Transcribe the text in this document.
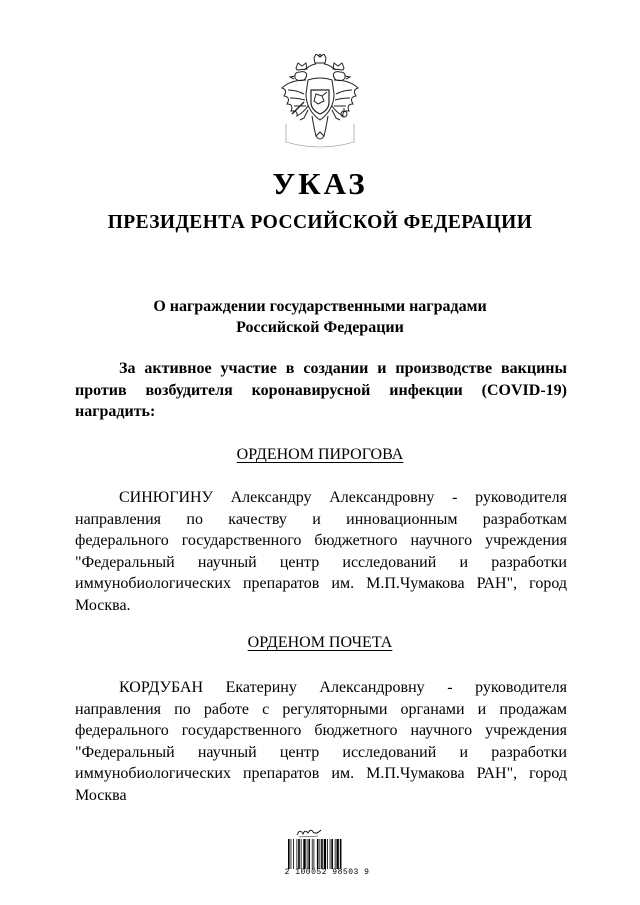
УКАЗ
ПРЕЗИДЕНТА РОССИЙСКОЙ ФЕДЕРАЦИИ
О награждении государственными наградами
Российской Федерации
За активное участие в создании и производстве вакцины
против возбудителя коронавирусной инфекции (COVID-19)
наградить:
ОРДЕНОМ ПИРОГОВА
СИНЮГИНУ Александру Александровну - руководителя
направления по качеству и инновационным разработкам
федерального государственного бюджетного научного учреждения
"Федеральный научный центр исследований и разработки
иммунобиологических препаратов им. М.П.Чумакова РАН", город
Москва.
ОРДЕНОМ ПОЧЕТА
КОРДУБАН Екатерину Александровну - руководителя
направления по работе с регуляторными органами и продажам
федерального государственного бюджетного научного учреждения
"Федеральный научный центр исследований и разработки
иммунобиологических препаратов им. М.П.Чумакова РАН", город
Москва
2 100052 98503 9
